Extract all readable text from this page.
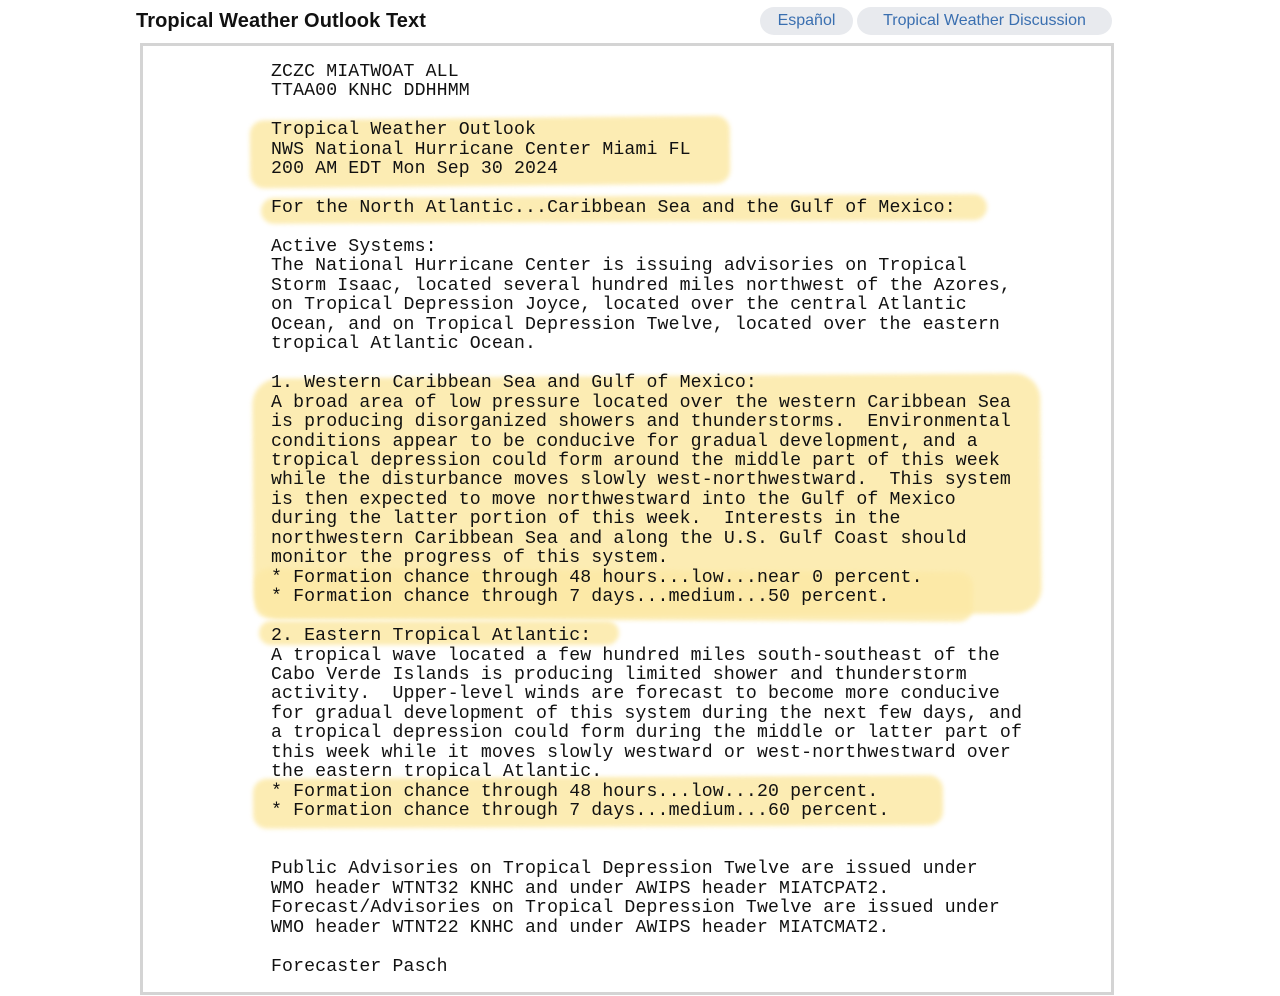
Tropical Weather Outlook Text	Español	Tropical Weather Discussion
ZCZC MIATWOAT ALL
TTAA00 KNHC DDHHMM
Tropical Weather Outlook
NWS National Hurricane Center Miami FL
200 AM EDT Mon Sep 30 2024
For the North Atlantic...Caribbean Sea and the Gulf of Mexico:
Active Systems:
The National Hurricane Center is issuing advisories on Tropical
Storm Isaac, located several hundred miles northwest of the Azores,
on Tropical Depression Joyce, located over the central Atlantic
Ocean, and on Tropical Depression Twelve, located over the eastern
tropical Atlantic Ocean.
1. Western Caribbean Sea and Gulf of Mexico:
A broad area of low pressure located over the western Caribbean Sea
is producing disorganized showers and thunderstorms.  Environmental
conditions appear to be conducive for gradual development, and a
tropical depression could form around the middle part of this week
while the disturbance moves slowly west-northwestward.  This system
is then expected to move northwestward into the Gulf of Mexico
during the latter portion of this week.  Interests in the
northwestern Caribbean Sea and along the U.S. Gulf Coast should
monitor the progress of this system.
* Formation chance through 48 hours...low...near 0 percent.
* Formation chance through 7 days...medium...50 percent.
2. Eastern Tropical Atlantic:
A tropical wave located a few hundred miles south-southeast of the
Cabo Verde Islands is producing limited shower and thunderstorm
activity.  Upper-level winds are forecast to become more conducive
for gradual development of this system during the next few days, and
a tropical depression could form during the middle or latter part of
this week while it moves slowly westward or west-northwestward over
the eastern tropical Atlantic.
* Formation chance through 48 hours...low...20 percent.
* Formation chance through 7 days...medium...60 percent.
Public Advisories on Tropical Depression Twelve are issued under
WMO header WTNT32 KNHC and under AWIPS header MIATCPAT2.
Forecast/Advisories on Tropical Depression Twelve are issued under
WMO header WTNT22 KNHC and under AWIPS header MIATCMAT2.
Forecaster Pasch
